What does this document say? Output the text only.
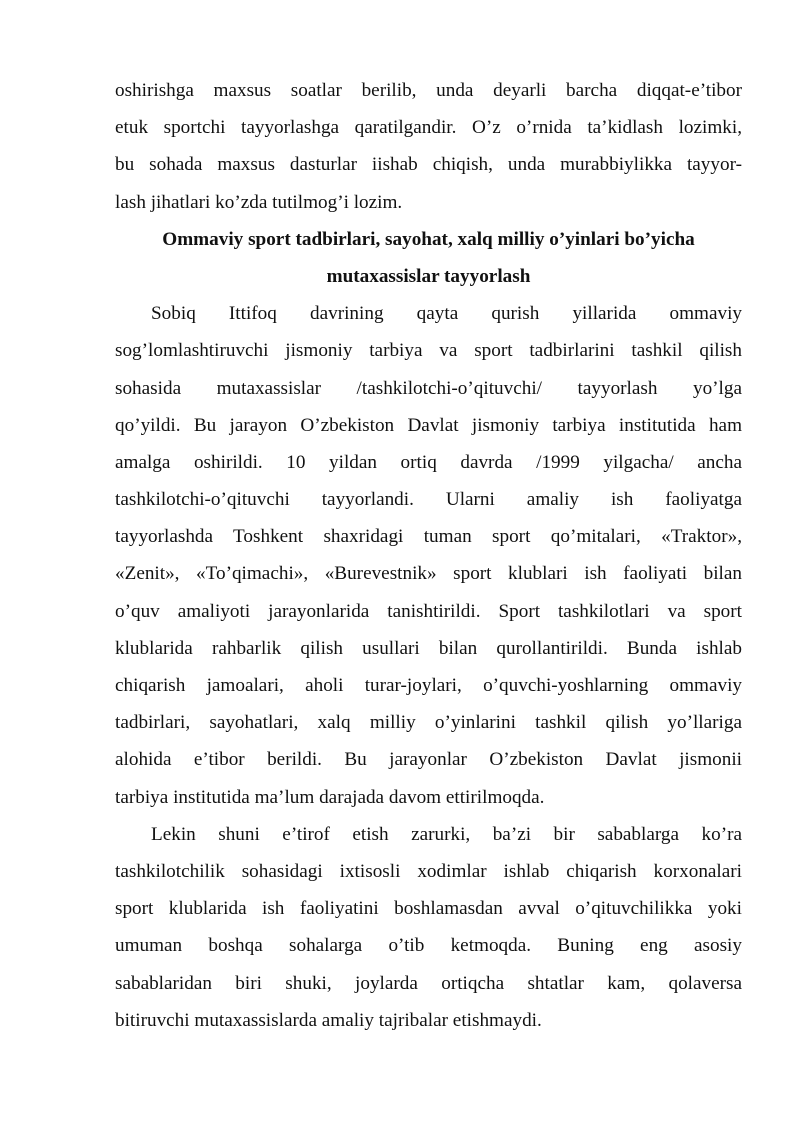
oshirishga maxsus soatlar berilib, unda deyarli barcha diqqat-e’tibor
etuk sportchi tayyorlashga qaratilgandir. O’z o’rnida ta’kidlash lozimki,
bu sohada maxsus dasturlar iishab chiqish, unda murabbiylikka tayyor-
lash jihatlari ko’zda tutilmog’i lozim.
Ommaviy sport tadbirlari, sayohat, xalq milliy o’yinlari bo’yicha
mutaxassislar tayyorlash
Sobiq Ittifoq davrining qayta qurish yillarida ommaviy
sog’lomlashtiruvchi jismoniy tarbiya va sport tadbirlarini tashkil qilish
sohasida mutaxassislar /tashkilotchi-o’qituvchi/ tayyorlash yo’lga
qo’yildi. Bu jarayon O’zbekiston Davlat jismoniy tarbiya institutida ham
amalga oshirildi. 10 yildan ortiq davrda /1999 yilgacha/ ancha
tashkilotchi-o’qituvchi tayyorlandi. Ularni amaliy ish faoliyatga
tayyorlashda Toshkent shaxridagi tuman sport qo’mitalari, «Traktor»,
«Zenit», «To’qimachi», «Burevestnik» sport klublari ish faoliyati bilan
o’quv amaliyoti jarayonlarida tanishtirildi. Sport tashkilotlari va sport
klublarida rahbarlik qilish usullari bilan qurollantirildi. Bunda ishlab
chiqarish jamoalari, aholi turar-joylari, o’quvchi-yoshlarning ommaviy
tadbirlari, sayohatlari, xalq milliy o’yinlarini tashkil qilish yo’llariga
alohida e’tibor berildi. Bu jarayonlar O’zbekiston Davlat jismonii
tarbiya institutida ma’lum darajada davom ettirilmoqda.
Lekin shuni e’tirof etish zarurki, ba’zi bir sabablarga ko’ra
tashkilotchilik sohasidagi ixtisosli xodimlar ishlab chiqarish korxonalari
sport klublarida ish faoliyatini boshlamasdan avval o’qituvchilikka yoki
umuman boshqa sohalarga o’tib ketmoqda. Buning eng asosiy
sabablaridan biri shuki, joylarda ortiqcha shtatlar kam, qolaversa
bitiruvchi mutaxassislarda amaliy tajribalar etishmaydi.
